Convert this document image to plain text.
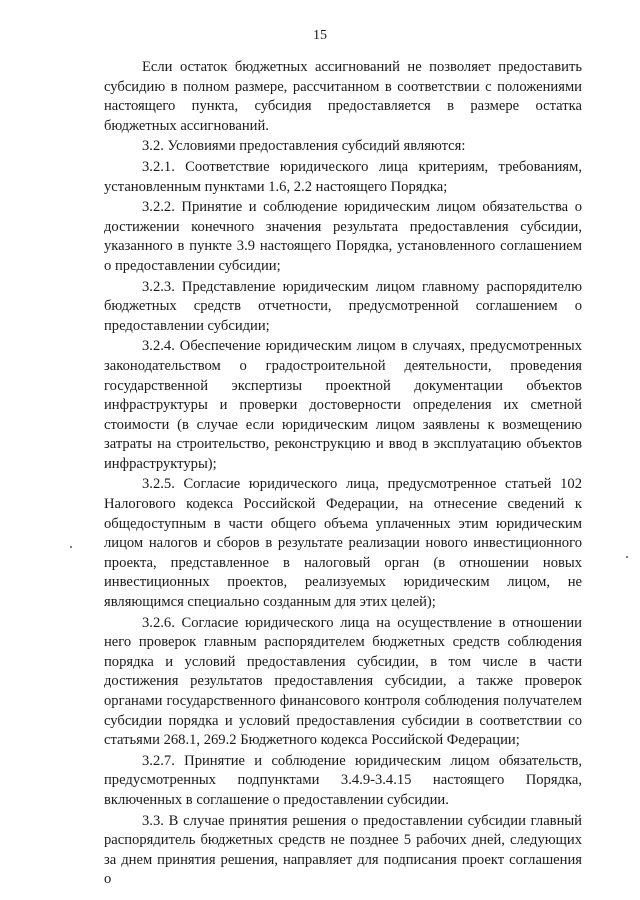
15

Если остаток бюджетных ассигнований не позволяет предоставить субсидию в полном размере, рассчитанном в соответствии с положениями настоящего пункта, субсидия предоставляется в размере остатка бюджетных ассигнований.

3.2. Условиями предоставления субсидий являются:

3.2.1. Соответствие юридического лица критериям, требованиям, установленным пунктами 1.6, 2.2 настоящего Порядка;

3.2.2. Принятие и соблюдение юридическим лицом обязательства о достижении конечного значения результата предоставления субсидии, указанного в пункте 3.9 настоящего Порядка, установленного соглашением о предоставлении субсидии;

3.2.3. Представление юридическим лицом главному распорядителю бюджетных средств отчетности, предусмотренной соглашением о предоставлении субсидии;

3.2.4. Обеспечение юридическим лицом в случаях, предусмотренных законодательством о градостроительной деятельности, проведения государственной экспертизы проектной документации объектов инфраструктуры и проверки достоверности определения их сметной стоимости (в случае если юридическим лицом заявлены к возмещению затраты на строительство, реконструкцию и ввод в эксплуатацию объектов инфраструктуры);

3.2.5. Согласие юридического лица, предусмотренное статьей 102 Налогового кодекса Российской Федерации, на отнесение сведений к общедоступным в части общего объема уплаченных этим юридическим лицом налогов и сборов в результате реализации нового инвестиционного проекта, представленное в налоговый орган (в отношении новых инвестиционных проектов, реализуемых юридическим лицом, не являющимся специально созданным для этих целей);

3.2.6. Согласие юридического лица на осуществление в отношении него проверок главным распорядителем бюджетных средств соблюдения порядка и условий предоставления субсидии, в том числе в части достижения результатов предоставления субсидии, а также проверок органами государственного финансового контроля соблюдения получателем субсидии порядка и условий предоставления субсидии в соответствии со статьями 268.1, 269.2 Бюджетного кодекса Российской Федерации;

3.2.7. Принятие и соблюдение юридическим лицом обязательств, предусмотренных подпунктами 3.4.9-3.4.15 настоящего Порядка, включенных в соглашение о предоставлении субсидии.

3.3. В случае принятия решения о предоставлении субсидии главный распорядитель бюджетных средств не позднее 5 рабочих дней, следующих за днем принятия решения, направляет для подписания проект соглашения о
